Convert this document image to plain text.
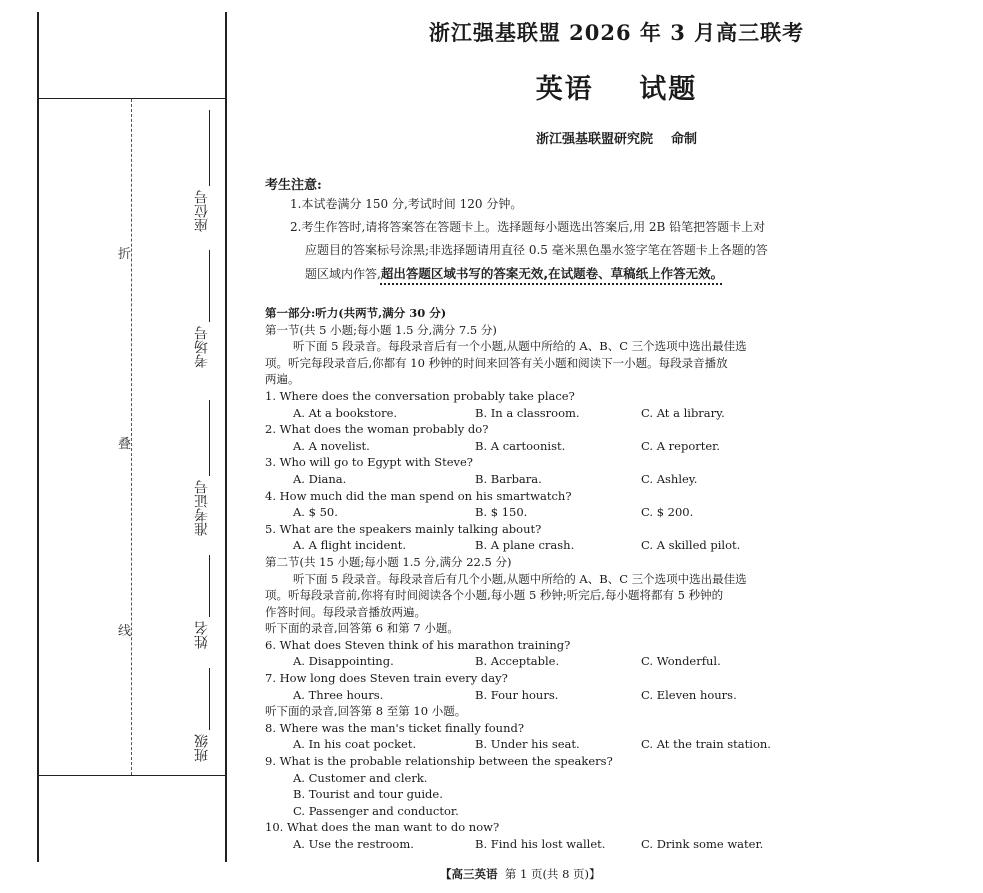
折
叠
线
座位号
考场号
准考证号
姓名
班级
浙江强基联盟 2026 年 3 月高三联考
英语    试题
浙江强基联盟研究院    命制
考生注意:
1.本试卷满分 150 分,考试时间 120 分钟。
2.考生作答时,请将答案答在答题卡上。选择题每小题选出答案后,用 2B 铅笔把答题卡上对
应题目的答案标号涂黑;非选择题请用直径 0.5 毫米黑色墨水签字笔在答题卡上各题的答
题区域内作答,超出答题区域书写的答案无效,在试题卷、草稿纸上作答无效。
第一部分:听力(共两节,满分 30 分)
第一节(共 5 小题;每小题 1.5 分,满分 7.5 分)
听下面 5 段录音。每段录音后有一个小题,从题中所给的 A、B、C 三个选项中选出最佳选
项。听完每段录音后,你都有 10 秒钟的时间来回答有关小题和阅读下一小题。每段录音播放
两遍。
1. Where does the conversation probably take place?
A. At a bookstore.	B. In a classroom.	C. At a library.
2. What does the woman probably do?
A. A novelist.	B. A cartoonist.	C. A reporter.
3. Who will go to Egypt with Steve?
A. Diana.	B. Barbara.	C. Ashley.
4. How much did the man spend on his smartwatch?
A. $ 50.	B. $ 150.	C. $ 200.
5. What are the speakers mainly talking about?
A. A flight incident.	B. A plane crash.	C. A skilled pilot.
第二节(共 15 小题;每小题 1.5 分,满分 22.5 分)
听下面 5 段录音。每段录音后有几个小题,从题中所给的 A、B、C 三个选项中选出最佳选
项。听每段录音前,你将有时间阅读各个小题,每小题 5 秒钟;听完后,每小题将都有 5 秒钟的
作答时间。每段录音播放两遍。
听下面的录音,回答第 6 和第 7 小题。
6. What does Steven think of his marathon training?
A. Disappointing.	B. Acceptable.	C. Wonderful.
7. How long does Steven train every day?
A. Three hours.	B. Four hours.	C. Eleven hours.
听下面的录音,回答第 8 至第 10 小题。
8. Where was the man's ticket finally found?
A. In his coat pocket.	B. Under his seat.	C. At the train station.
9. What is the probable relationship between the speakers?
A. Customer and clerk.
B. Tourist and tour guide.
C. Passenger and conductor.
10. What does the man want to do now?
A. Use the restroom.	B. Find his lost wallet.	C. Drink some water.
【高三英语 第 1 页(共 8 页)】
